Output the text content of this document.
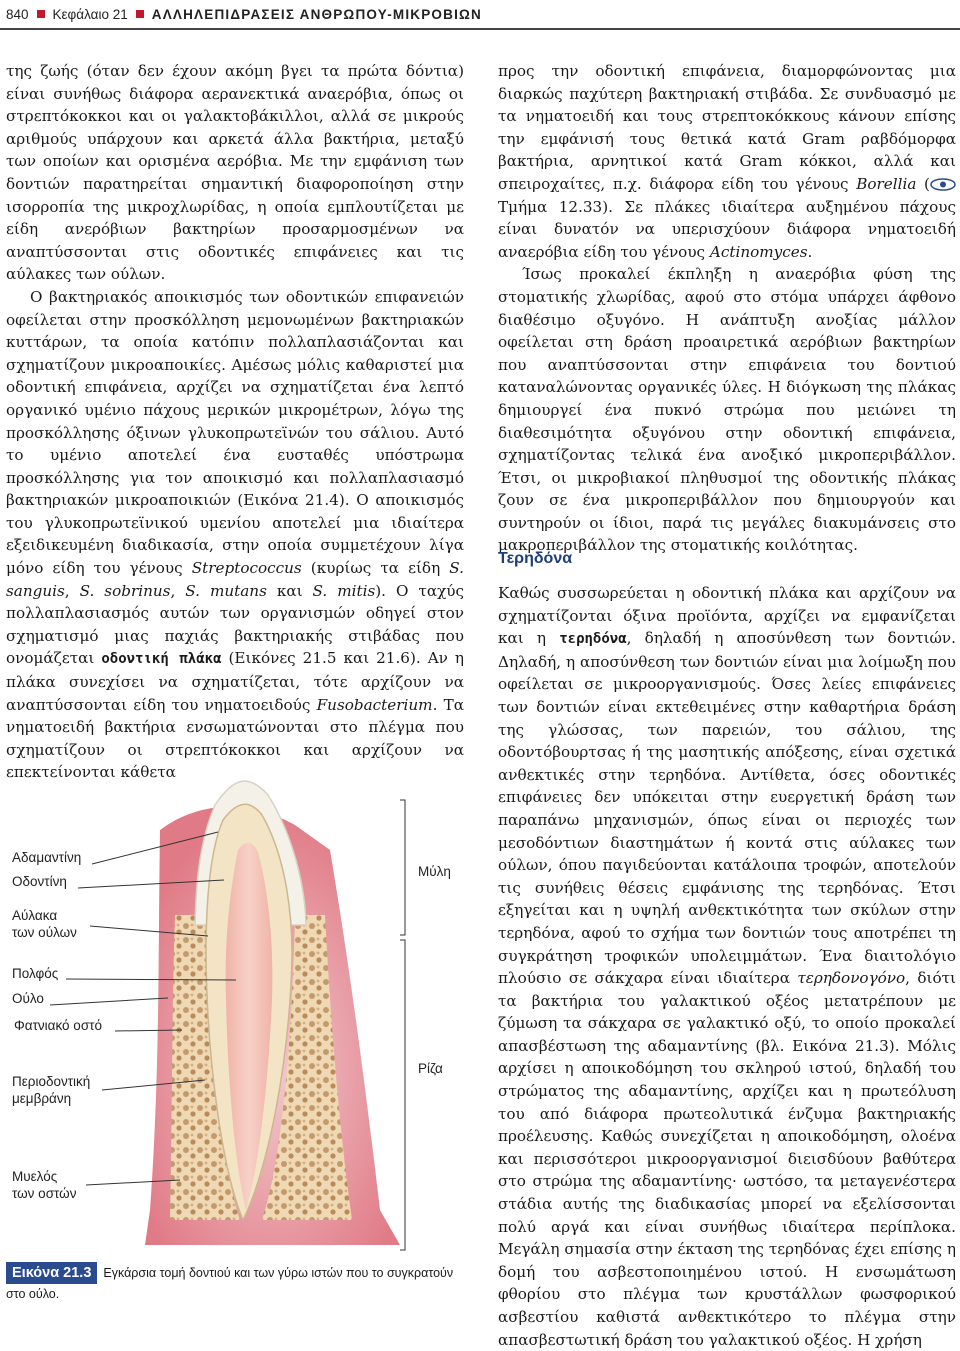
840 Κεφάλαιο 21 ΑΛΛΗΛΕΠΙΔΡΑΣΕΙΣ ΑΝΘΡΩΠΟΥ-ΜΙΚΡΟΒΙΩΝ

της ζωής (όταν δεν έχουν ακόμη βγει τα πρώτα δόντια) είναι συνήθως διάφορα αερανεκτικά αναερόβια, όπως οι στρεπτόκοκκοι και οι γαλακτοβάκιλλοι, αλλά σε μικρούς αριθμούς υπάρχουν και αρκετά άλλα βακτήρια, μεταξύ των οποίων και ορισμένα αερόβια. Με την εμφάνιση των δοντιών παρατηρείται σημαντική διαφοροποίηση στην ισορροπία της μικροχλωρίδας, η οποία εμπλουτίζεται με είδη ανερόβιων βακτηρίων προσαρμοσμένων να αναπτύσσονται στις οδοντικές επιφάνειες και τις αύλακες των ούλων.

Ο βακτηριακός αποικισμός των οδοντικών επιφανειών οφείλεται στην προσκόλληση μεμονωμένων βακτηριακών κυττάρων, τα οποία κατόπιν πολλαπλασιάζονται και σχηματίζουν μικροαποικίες. Αμέσως μόλις καθαριστεί μια οδοντική επιφάνεια, αρχίζει να σχηματίζεται ένα λεπτό οργανικό υμένιο πάχους μερικών μικρομέτρων, λόγω της προσκόλλησης όξινων γλυκοπρωτεϊνών του σάλιου. Αυτό το υμένιο αποτελεί ένα ευσταθές υπόστρωμα προσκόλλησης για τον αποικισμό και πολλαπλασιασμό βακτηριακών μικροαποικιών (Εικόνα 21.4). Ο αποικισμός του γλυκοπρωτεϊνικού υμενίου αποτελεί μια ιδιαίτερα εξειδικευμένη διαδικασία, στην οποία συμμετέχουν λίγα μόνο είδη του γένους Streptococcus (κυρίως τα είδη S. sanguis, S. sobrinus, S. mutans και S. mitis). Ο ταχύς πολλαπλασιασμός αυτών των οργανισμών οδηγεί στον σχηματισμό μιας παχιάς βακτηριακής στιβάδας που ονομάζεται οδοντική πλάκα (Εικόνες 21.5 και 21.6). Αν η πλάκα συνεχίσει να σχηματίζεται, τότε αρχίζουν να αναπτύσσονται είδη του νηματοειδούς Fusobacterium. Τα νηματοειδή βακτήρια ενσωματώνονται στο πλέγμα που σχηματίζουν οι στρεπτόκοκκοι και αρχίζουν να επεκτείνονται κάθετα

προς την οδοντική επιφάνεια, διαμορφώνοντας μια διαρκώς παχύτερη βακτηριακή στιβάδα. Σε συνδυασμό με τα νηματοειδή και τους στρεπτοκόκκους κάνουν επίσης την εμφάνισή τους θετικά κατά Gram ραβδόμορφα βακτήρια, αρνητικοί κατά Gram κόκκοι, αλλά και σπειροχαίτες, π.χ. διάφορα είδη του γένους Borellia (Τμήμα 12.33). Σε πλάκες ιδιαίτερα αυξημένου πάχους είναι δυνατόν να υπερισχύουν διάφορα νηματοειδή αναερόβια είδη του γένους Actinomyces.

Ίσως προκαλεί έκπληξη η αναερόβια φύση της στοματικής χλωρίδας, αφού στο στόμα υπάρχει άφθονο διαθέσιμο οξυγόνο. Η ανάπτυξη ανοξίας μάλλον οφείλεται στη δράση προαιρετικά αερόβιων βακτηρίων που αναπτύσσονται στην επιφάνεια του δοντιού καταναλώνοντας οργανικές ύλες. Η διόγκωση της πλάκας δημιουργεί ένα πυκνό στρώμα που μειώνει τη διαθεσιμότητα οξυγόνου στην οδοντική επιφάνεια, σχηματίζοντας τελικά ένα ανοξικό μικροπεριβάλλον. Έτσι, οι μικροβιακοί πληθυσμοί της οδοντικής πλάκας ζουν σε ένα μικροπεριβάλλον που δημιουργούν και συντηρούν οι ίδιοι, παρά τις μεγάλες διακυμάνσεις στο μακροπεριβάλλον της στοματικής κοιλότητας.

Τερηδόνα

Καθώς συσσωρεύεται η οδοντική πλάκα και αρχίζουν να σχηματίζονται όξινα προϊόντα, αρχίζει να εμφανίζεται και η τερηδόνα, δηλαδή η αποσύνθεση των δοντιών. Δηλαδή, η αποσύνθεση των δοντιών είναι μια λοίμωξη που οφείλεται σε μικροοργανισμούς. Όσες λείες επιφάνειες των δοντιών είναι εκτεθειμένες στην καθαρτήρια δράση της γλώσσας, των παρειών, του σάλιου, της οδοντόβουρτσας ή της μασητικής απόξεσης, είναι σχετικά ανθεκτικές στην τερηδόνα. Αντίθετα, όσες οδοντικές επιφάνειες δεν υπόκειται στην ευεργετική δράση των παραπάνω μηχανισμών, όπως είναι οι περιοχές των μεσοδόντιων διαστημάτων ή κοντά στις αύλακες των ούλων, όπου παγιδεύονται κατάλοιπα τροφών, αποτελούν τις συνήθεις θέσεις εμφάνισης της τερηδόνας. Έτσι εξηγείται και η υψηλή ανθεκτικότητα των σκύλων στην τερηδόνα, αφού το σχήμα των δοντιών τους αποτρέπει τη συγκράτηση τροφικών υπολειμμάτων. Ένα διαιτολόγιο πλούσιο σε σάκχαρα είναι ιδιαίτερα τερηδονογόνο, διότι τα βακτήρια του γαλακτικού οξέος μετατρέπουν με ζύμωση τα σάκχαρα σε γαλακτικό οξύ, το οποίο προκαλεί απασβέστωση της αδαμαντίνης (βλ. Εικόνα 21.3). Μόλις αρχίσει η αποικοδόμηση του σκληρού ιστού, δηλαδή του στρώματος της αδαμαντίνης, αρχίζει και η πρωτεόλυση του από διάφορα πρωτεολυτικά ένζυμα βακτηριακής προέλευσης. Καθώς συνεχίζεται η αποικοδόμηση, ολοένα και περισσότεροι μικροοργανισμοί διεισδύουν βαθύτερα στο στρώμα της αδαμαντίνης· ωστόσο, τα μεταγενέστερα στάδια αυτής της διαδικασίας μπορεί να εξελίσσονται πολύ αργά και είναι συνήθως ιδιαίτερα περίπλοκα. Μεγάλη σημασία στην έκταση της τερηδόνας έχει επίσης η δομή του ασβεστοποιημένου ιστού. Η ενσωμάτωση φθορίου στο πλέγμα των κρυστάλλων φωσφορικού ασβεστίου καθιστά ανθεκτικότερο το πλέγμα στην απασβεστωτική δράση του γαλακτικού οξέος. Η χρήση

Αδαμαντίνη
Οδοντίνη
Αύλακα
των ούλων
Πολφός
Ούλο
Φατνιακό οστό
Περιοδοντική
μεμβράνη
Μυελός
των οστών
Μύλη
Ρίζα
Εικόνα 21.3 Εγκάρσια τομή δοντιού και των γύρω ιστών που το συγκρατούν στο ούλο.
